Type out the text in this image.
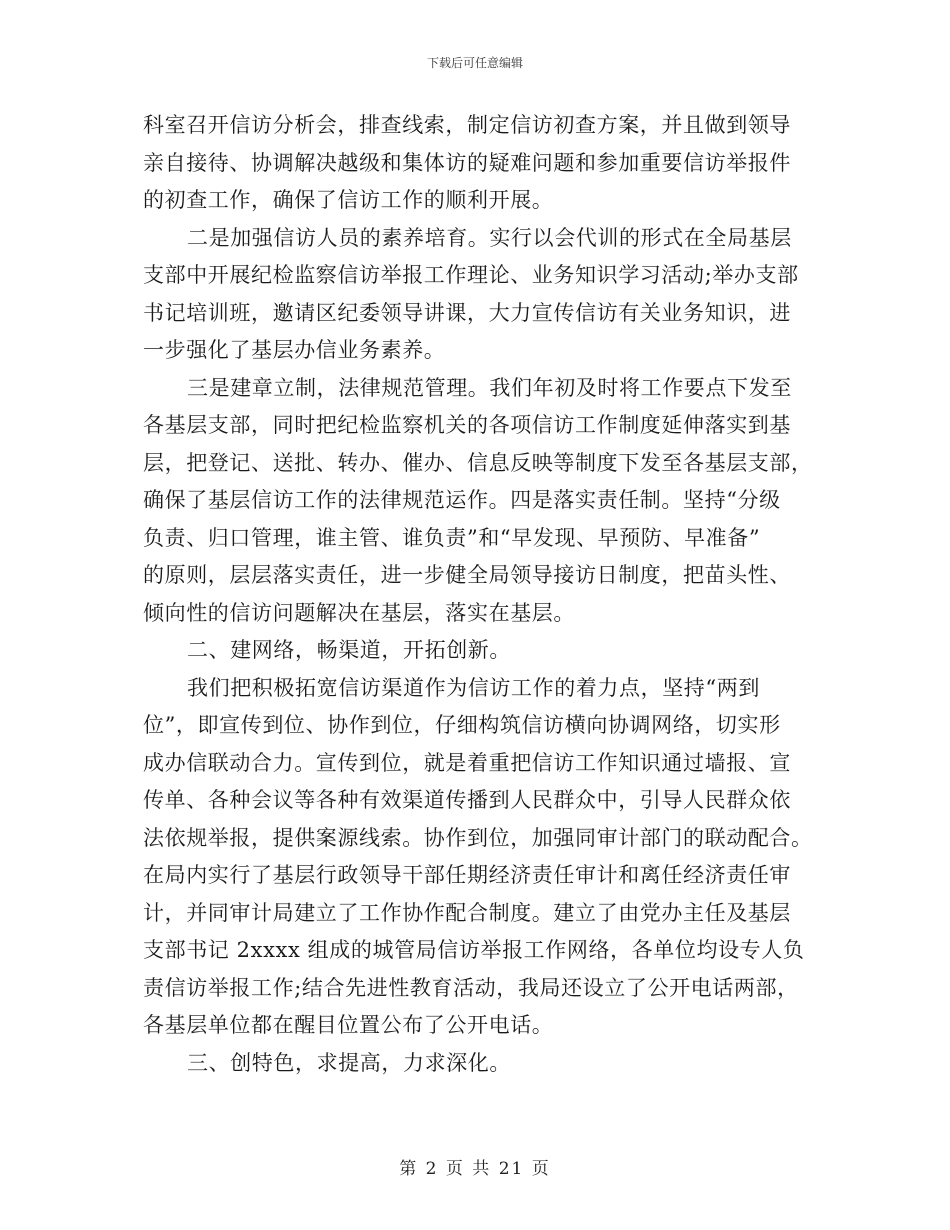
下载后可任意编辑
科室召开信访分析会，排查线索，制定信访初查方案，并且做到领导
亲自接待、协调解决越级和集体访的疑难问题和参加重要信访举报件
的初查工作，确保了信访工作的顺利开展。
二是加强信访人员的素养培育。实行以会代训的形式在全局基层
支部中开展纪检监察信访举报工作理论、业务知识学习活动;举办支部
书记培训班，邀请区纪委领导讲课，大力宣传信访有关业务知识，进
一步强化了基层办信业务素养。
三是建章立制，法律规范管理。我们年初及时将工作要点下发至
各基层支部，同时把纪检监察机关的各项信访工作制度延伸落实到基
层，把登记、送批、转办、催办、信息反映等制度下发至各基层支部，
确保了基层信访工作的法律规范运作。四是落实责任制。坚持“分级
负责、归口管理，谁主管、谁负责”和“早发现、早预防、早准备”
的原则，层层落实责任，进一步健全局领导接访日制度，把苗头性、
倾向性的信访问题解决在基层，落实在基层。
二、建网络，畅渠道，开拓创新。
我们把积极拓宽信访渠道作为信访工作的着力点，坚持“两到
位”，即宣传到位、协作到位，仔细构筑信访横向协调网络，切实形
成办信联动合力。宣传到位，就是着重把信访工作知识通过墙报、宣
传单、各种会议等各种有效渠道传播到人民群众中，引导人民群众依
法依规举报，提供案源线索。协作到位，加强同审计部门的联动配合。
在局内实行了基层行政领导干部任期经济责任审计和离任经济责任审
计，并同审计局建立了工作协作配合制度。建立了由党办主任及基层
支部书记 2xxxx 组成的城管局信访举报工作网络，各单位均设专人负
责信访举报工作;结合先进性教育活动，我局还设立了公开电话两部，
各基层单位都在醒目位置公布了公开电话。
三、创特色，求提高，力求深化。
第 2 页 共 21 页
